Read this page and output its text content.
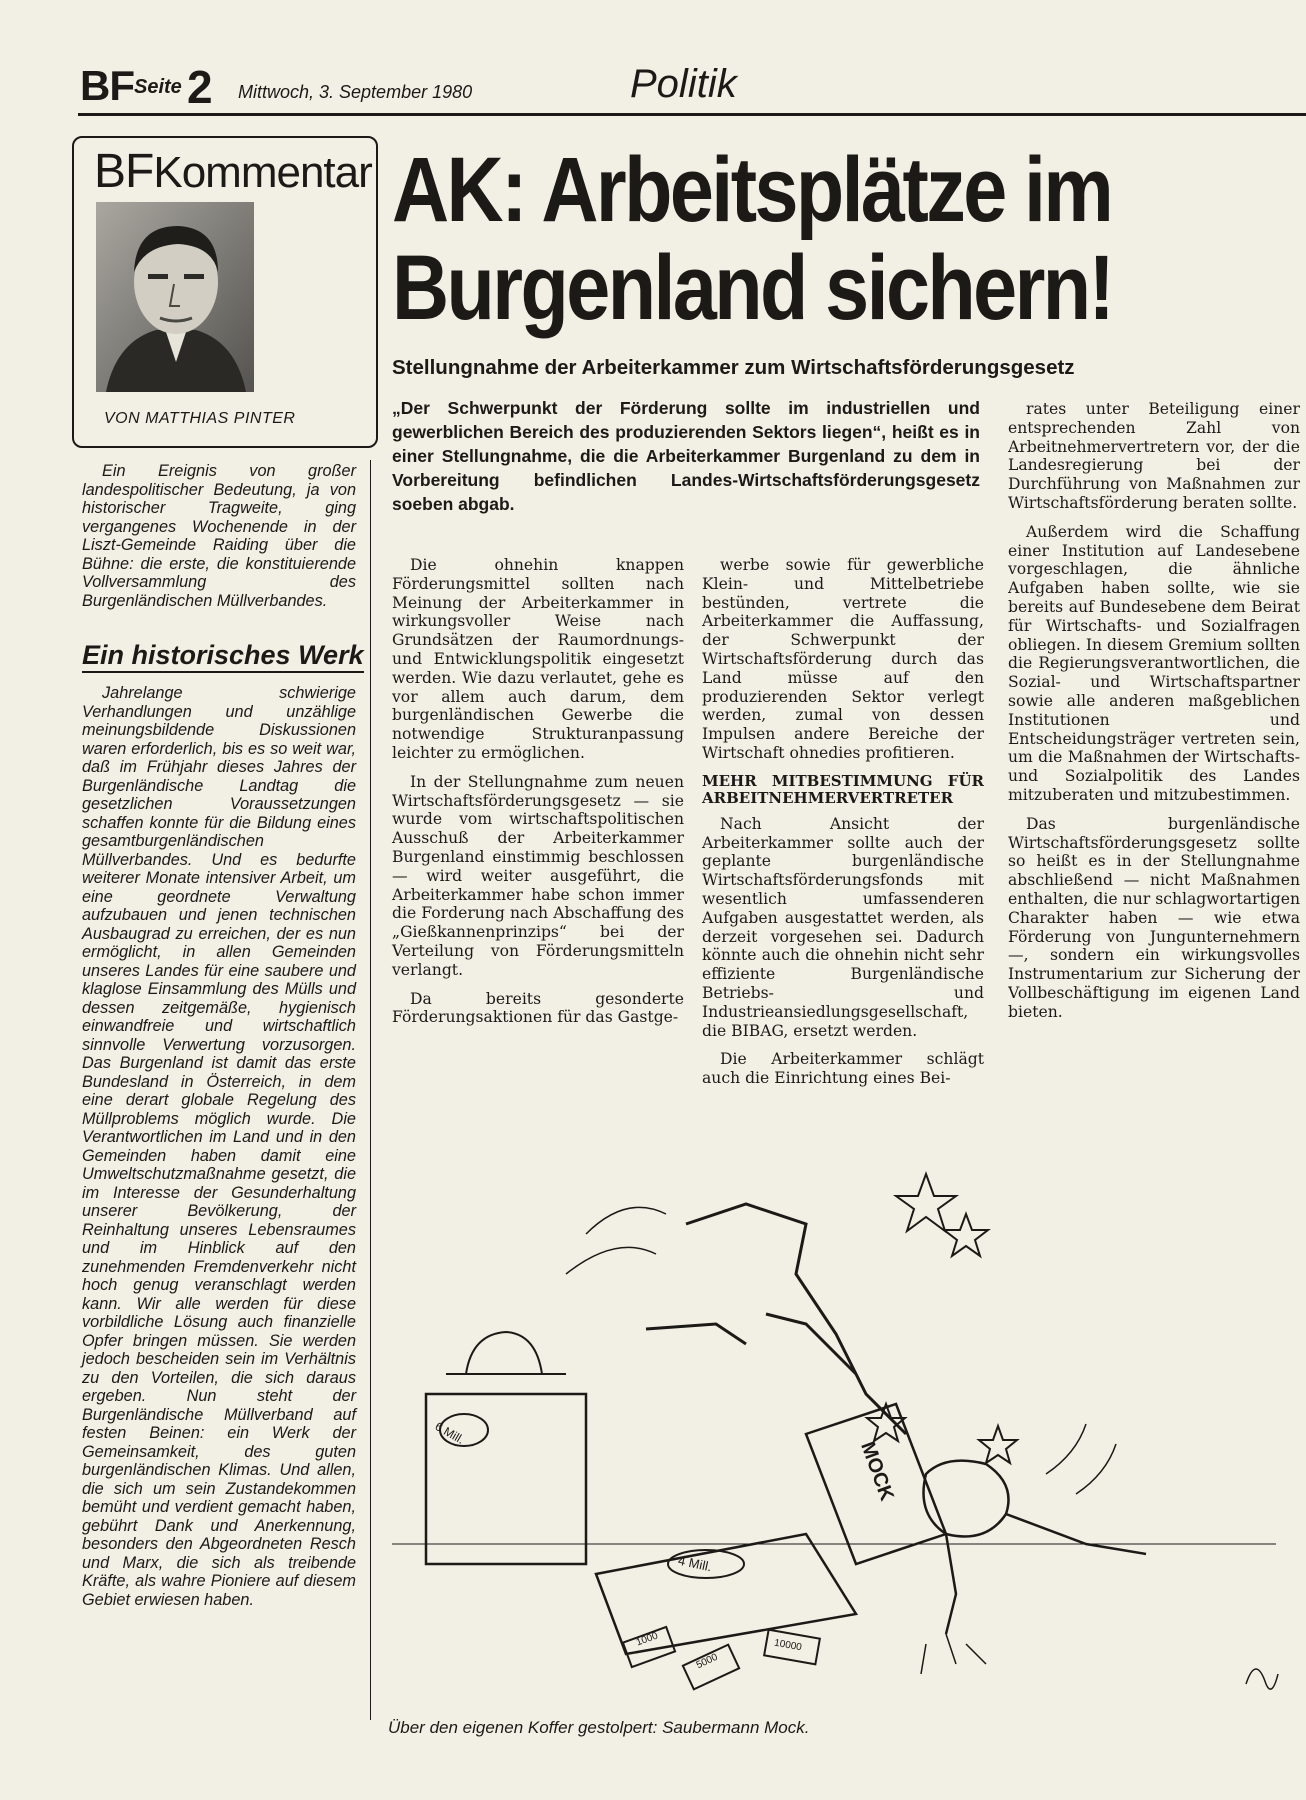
BF Seite 2 Mittwoch, 3. September 1980	Politik
BFKommentar
VON MATTHIAS PINTER

Ein Ereignis von großer landespolitischer Bedeutung, ja von historischer Tragweite, ging vergangenes Wochenende in der Liszt-Gemeinde Raiding über die Bühne: die erste, die konstituierende Vollversammlung des Burgenländischen Müllverbandes.

Ein historisches Werk

Jahrelange schwierige Verhandlungen und unzählige meinungsbildende Diskussionen waren erforderlich, bis es so weit war, daß im Frühjahr dieses Jahres der Burgenländische Landtag die gesetzlichen Voraussetzungen schaffen konnte für die Bildung eines gesamtburgenländischen Müllverbandes. Und es bedurfte weiterer Monate intensiver Arbeit, um eine geordnete Verwaltung aufzubauen und jenen technischen Ausbaugrad zu erreichen, der es nun ermöglicht, in allen Gemeinden unseres Landes für eine saubere und klaglose Einsammlung des Mülls und dessen zeitgemäße, hygienisch einwandfreie und wirtschaftlich sinnvolle Verwertung vorzusorgen. Das Burgenland ist damit das erste Bundesland in Österreich, in dem eine derart globale Regelung des Müllproblems möglich wurde. Die Verantwortlichen im Land und in den Gemeinden haben damit eine Umweltschutzmaßnahme gesetzt, die im Interesse der Gesunderhaltung unserer Bevölkerung, der Reinhaltung unseres Lebensraumes und im Hinblick auf den zunehmenden Fremdenverkehr nicht hoch genug veranschlagt werden kann. Wir alle werden für diese vorbildliche Lösung auch finanzielle Opfer bringen müssen. Sie werden jedoch bescheiden sein im Verhältnis zu den Vorteilen, die sich daraus ergeben. Nun steht der Burgenländische Müllverband auf festen Beinen: ein Werk der Gemeinsamkeit, des guten burgenländischen Klimas. Und allen, die sich um sein Zustandekommen bemüht und verdient gemacht haben, gebührt Dank und Anerkennung, besonders den Abgeordneten Resch und Marx, die sich als treibende Kräfte, als wahre Pioniere auf diesem Gebiet erwiesen haben.

AK: Arbeitsplätze im
Burgenland sichern!
Stellungnahme der Arbeiterkammer zum Wirtschaftsförderungsgesetz

„Der Schwerpunkt der Förderung sollte im industriellen und gewerblichen Bereich des produzierenden Sektors liegen“, heißt es in einer Stellungnahme, die die Arbeiterkammer Burgenland zu dem in Vorbereitung befindlichen Landes-Wirtschaftsförderungsgesetz soeben abgab.

Die ohnehin knappen Förderungsmittel sollten nach Meinung der Arbeiterkammer in wirkungsvoller Weise nach Grundsätzen der Raumordnungs- und Entwicklungspolitik eingesetzt werden. Wie dazu verlautet, gehe es vor allem auch darum, dem burgenländischen Gewerbe die notwendige Strukturanpassung leichter zu ermöglichen.

In der Stellungnahme zum neuen Wirtschaftsförderungsgesetz — sie wurde vom wirtschaftspolitischen Ausschuß der Arbeiterkammer Burgenland einstimmig beschlossen — wird weiter ausgeführt, die Arbeiterkammer habe schon immer die Forderung nach Abschaffung des „Gießkannenprinzips“ bei der Verteilung von Förderungsmitteln verlangt.

Da bereits gesonderte Förderungsaktionen für das Gastge-

werbe sowie für gewerbliche Klein- und Mittelbetriebe bestünden, vertrete die Arbeiterkammer die Auffassung, der Schwerpunkt der Wirtschaftsförderung durch das Land müsse auf den produzierenden Sektor verlegt werden, zumal von dessen Impulsen andere Bereiche der Wirtschaft ohnedies profitieren.

MEHR MITBESTIMMUNG FÜR ARBEITNEHMERVERTRETER

Nach Ansicht der Arbeiterkammer sollte auch der geplante burgenländische Wirtschaftsförderungsfonds mit wesentlich umfassenderen Aufgaben ausgestattet werden, als derzeit vorgesehen sei. Dadurch könnte auch die ohnehin nicht sehr effiziente Burgenländische Betriebs- und Industrieansiedlungsgesellschaft, die BIBAG, ersetzt werden.

Die Arbeiterkammer schlägt auch die Einrichtung eines Bei-

rates unter Beteiligung einer entsprechenden Zahl von Arbeitnehmervertretern vor, der die Landesregierung bei der Durchführung von Maßnahmen zur Wirtschaftsförderung beraten sollte.

Außerdem wird die Schaffung einer Institution auf Landesebene vorgeschlagen, die ähnliche Aufgaben haben sollte, wie sie bereits auf Bundesebene dem Beirat für Wirtschafts- und Sozialfragen obliegen. In diesem Gremium sollten die Regierungsverantwortlichen, die Sozial- und Wirtschaftspartner sowie alle anderen maßgeblichen Institutionen und Entscheidungsträger vertreten sein, um die Maßnahmen der Wirtschafts- und Sozialpolitik des Landes mitzuberaten und mitzubestimmen.

Das burgenländische Wirtschaftsförderungsgesetz sollte so heißt es in der Stellungnahme abschließend — nicht Maßnahmen enthalten, die nur schlagwortartigen Charakter haben — wie etwa Förderung von Jungunternehmern —, sondern ein wirkungsvolles Instrumentarium zur Sicherung der Vollbeschäftigung im eigenen Land bieten.

6 Mill.
4 Mill.
MOCK
1000
5000
10000
Über den eigenen Koffer gestolpert: Saubermann Mock.
